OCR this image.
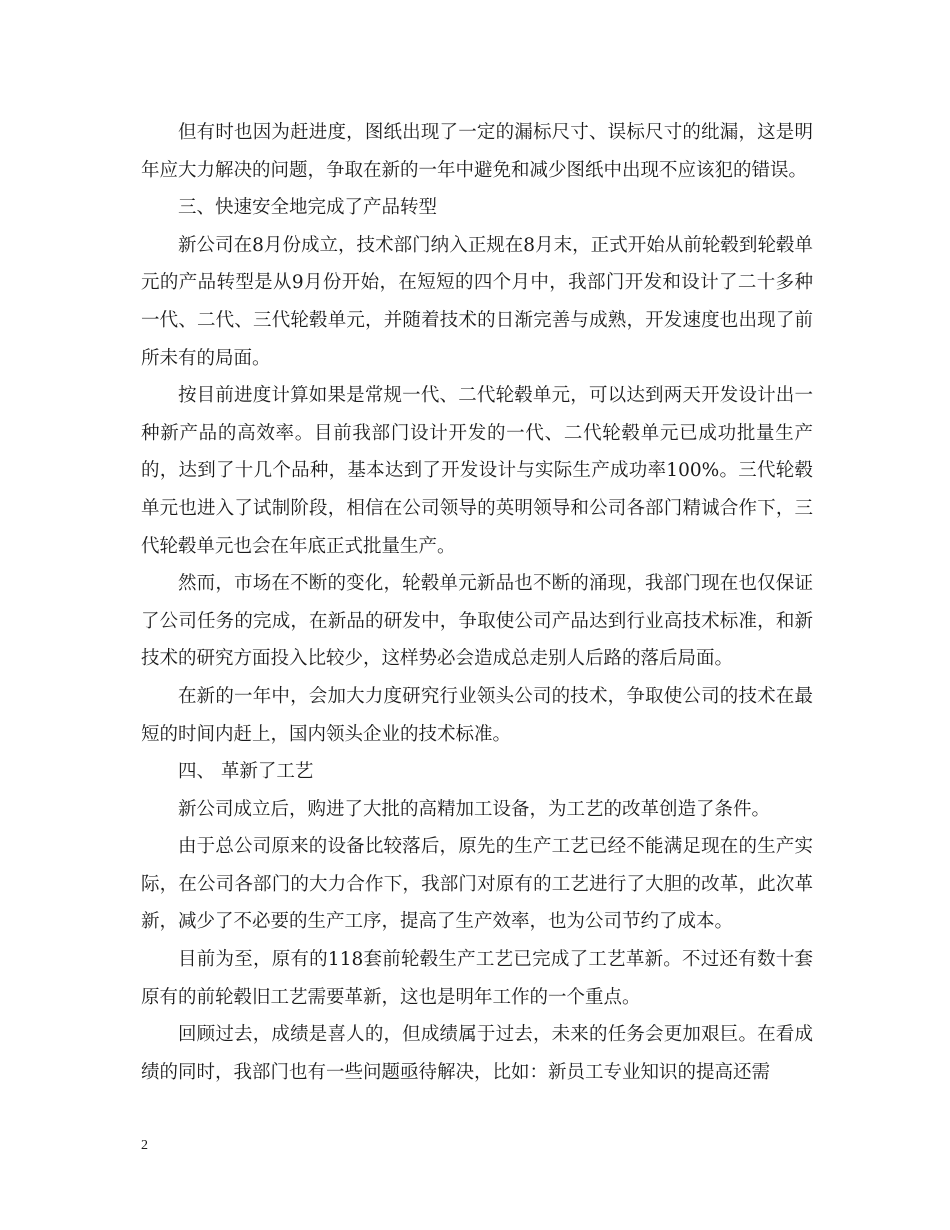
但有时也因为赶进度，图纸出现了一定的漏标尺寸、误标尺寸的纰漏，这是明年应大力解决的问题，争取在新的一年中避免和减少图纸中出现不应该犯的错误。

三、快速安全地完成了产品转型

新公司在8月份成立，技术部门纳入正规在8月末，正式开始从前轮毂到轮毂单元的产品转型是从9月份开始，在短短的四个月中，我部门开发和设计了二十多种一代、二代、三代轮毂单元，并随着技术的日渐完善与成熟，开发速度也出现了前所未有的局面。

按目前进度计算如果是常规一代、二代轮毂单元，可以达到两天开发设计出一种新产品的高效率。目前我部门设计开发的一代、二代轮毂单元已成功批量生产的，达到了十几个品种，基本达到了开发设计与实际生产成功率100%。三代轮毂单元也进入了试制阶段，相信在公司领导的英明领导和公司各部门精诚合作下，三代轮毂单元也会在年底正式批量生产。

然而，市场在不断的变化，轮毂单元新品也不断的涌现，我部门现在也仅保证了公司任务的完成，在新品的研发中，争取使公司产品达到行业高技术标准，和新技术的研究方面投入比较少，这样势必会造成总走别人后路的落后局面。

在新的一年中，会加大力度研究行业领头公司的技术，争取使公司的技术在最短的时间内赶上，国内领头企业的技术标准。

四、 革新了工艺

新公司成立后，购进了大批的高精加工设备，为工艺的改革创造了条件。

由于总公司原来的设备比较落后，原先的生产工艺已经不能满足现在的生产实际，在公司各部门的大力合作下，我部门对原有的工艺进行了大胆的改革，此次革新，减少了不必要的生产工序，提高了生产效率，也为公司节约了成本。

目前为至，原有的118套前轮毂生产工艺已完成了工艺革新。不过还有数十套原有的前轮毂旧工艺需要革新，这也是明年工作的一个重点。

回顾过去，成绩是喜人的，但成绩属于过去，未来的任务会更加艰巨。在看成绩的同时，我部门也有一些问题亟待解决，比如：新员工专业知识的提高还需

2
